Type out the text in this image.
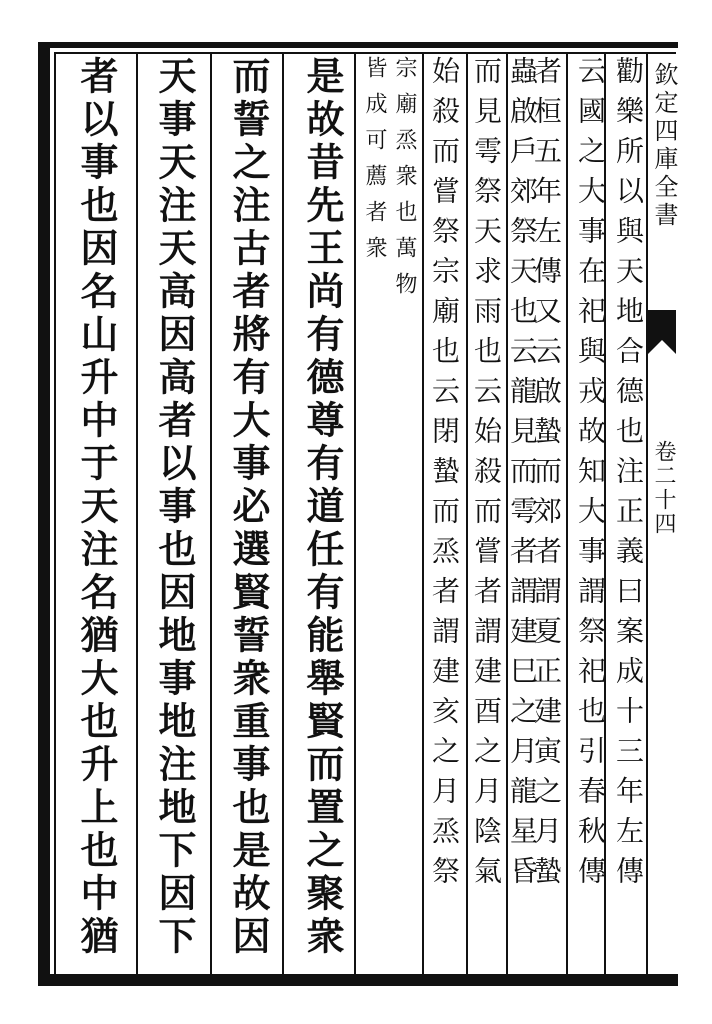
欽定四庫全書
卷二十四
勸樂所以與天地合德也注正義曰案成十三年左傳
云國之大事在祀與戎故知大事謂祭祀也引春秋傳
者桓五年左傳又云啟蟄而郊者謂夏正建寅之月蟄
蟲啟戶郊祭天也云龍見而雩者謂建巳之月龍星昏
而見雩祭天求雨也云始殺而嘗者謂建酉之月陰氣
始殺而嘗祭宗廟也云閉蟄而烝者謂建亥之月烝祭
宗廟烝衆也萬物
皆成可薦者衆
是故昔先王尚有德尊有道任有能舉賢而置之聚衆
而誓之注古者將有大事必選賢誓衆重事也是故因
天事天注天高因高者以事也因地事地注地下因下
者以事也因名山升中于天注名猶大也升上也中猶
